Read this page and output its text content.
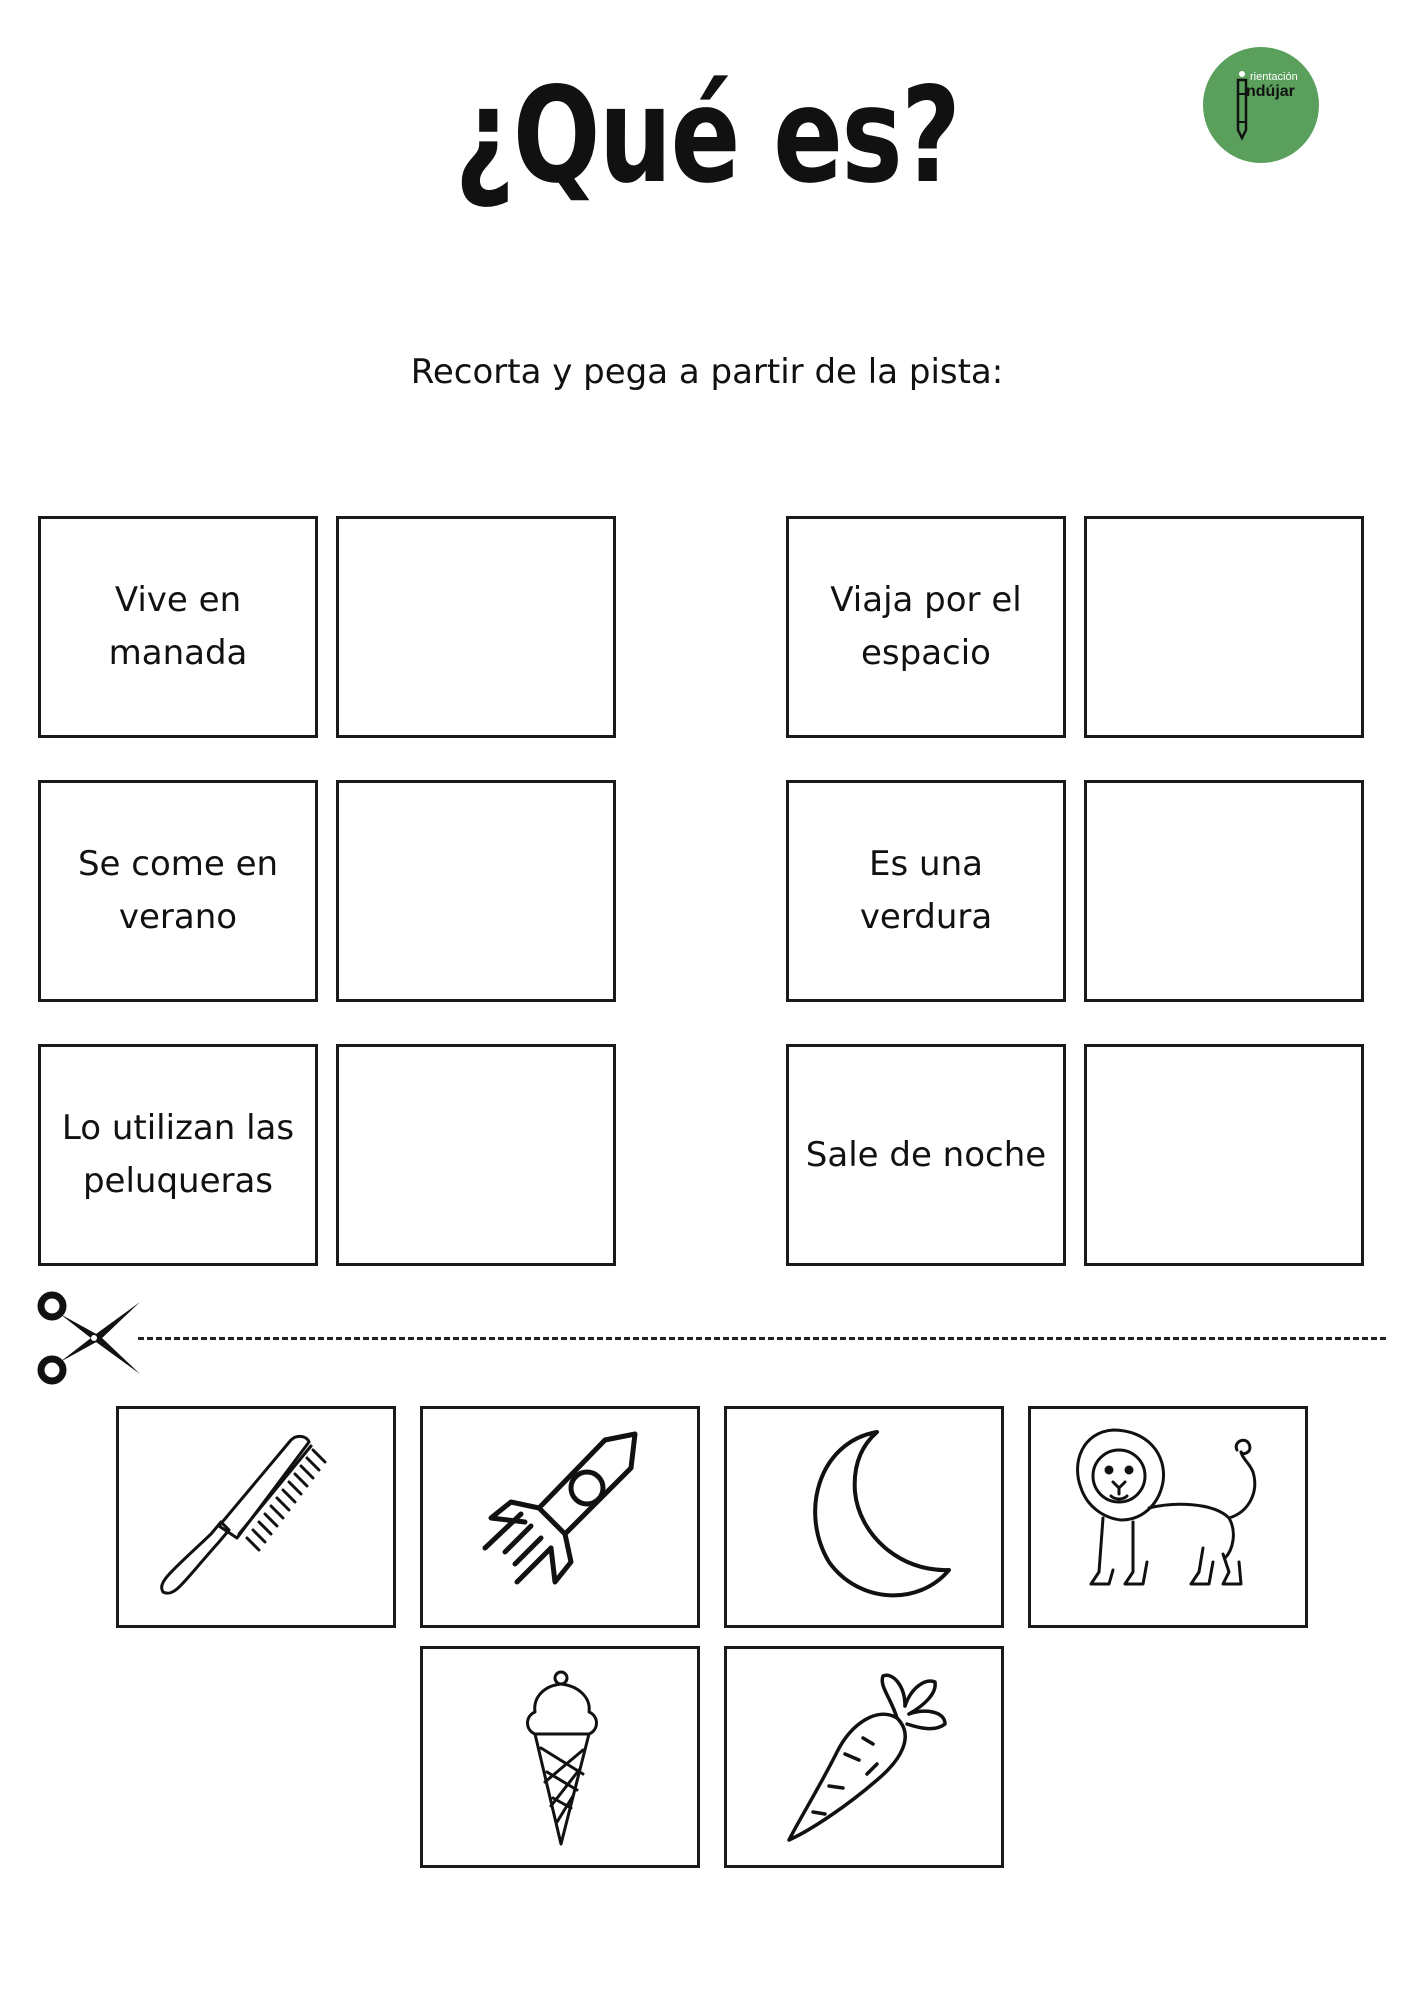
¿Qué es?	rientación
ndújar
Recorta y pega a partir de la pista:
Vive en
manada
Viaja por el
espacio
Se come en
verano
Es una verdura
Lo utilizan las
peluqueras
Sale de noche
